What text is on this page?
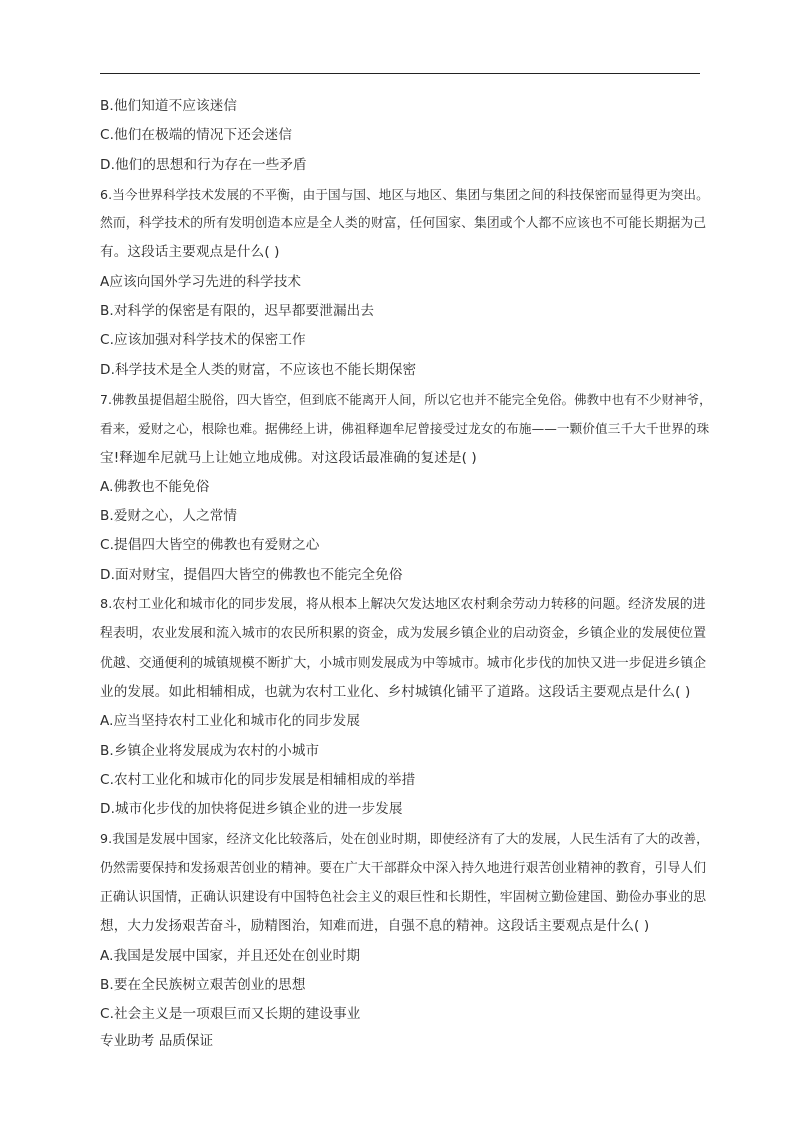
B.他们知道不应该迷信
C.他们在极端的情况下还会迷信
D.他们的思想和行为存在一些矛盾
6.当今世界科学技术发展的不平衡，由于国与国、地区与地区、集团与集团之间的科技保密而显得更为突出。
然而，科学技术的所有发明创造本应是全人类的财富，任何国家、集团或个人都不应该也不可能长期据为己
有。这段话主要观点是什么( )
A应该向国外学习先进的科学技术
B.对科学的保密是有限的，迟早都要泄漏出去
C.应该加强对科学技术的保密工作
D.科学技术是全人类的财富，不应该也不能长期保密
7.佛教虽提倡超尘脱俗，四大皆空，但到底不能离开人间，所以它也并不能完全免俗。佛教中也有不少财神爷，
看来，爱财之心，根除也难。据佛经上讲，佛祖释迦牟尼曾接受过龙女的布施——一颗价值三千大千世界的珠
宝!释迦牟尼就马上让她立地成佛。对这段话最准确的复述是( )
A.佛教也不能免俗
B.爱财之心，人之常情
C.提倡四大皆空的佛教也有爱财之心
D.面对财宝，提倡四大皆空的佛教也不能完全免俗
8.农村工业化和城市化的同步发展，将从根本上解决欠发达地区农村剩余劳动力转移的问题。经济发展的进
程表明，农业发展和流入城市的农民所积累的资金，成为发展乡镇企业的启动资金，乡镇企业的发展使位置
优越、交通便利的城镇规模不断扩大，小城市则发展成为中等城市。城市化步伐的加快又进一步促进乡镇企
业的发展。如此相辅相成，也就为农村工业化、乡村城镇化铺平了道路。这段话主要观点是什么( )
A.应当坚持农村工业化和城市化的同步发展
B.乡镇企业将发展成为农村的小城市
C.农村工业化和城市化的同步发展是相辅相成的举措
D.城市化步伐的加快将促进乡镇企业的进一步发展
9.我国是发展中国家，经济文化比较落后，处在创业时期，即使经济有了大的发展，人民生活有了大的改善，
仍然需要保持和发扬艰苦创业的精神。要在广大干部群众中深入持久地进行艰苦创业精神的教育，引导人们
正确认识国情，正确认识建设有中国特色社会主义的艰巨性和长期性，牢固树立勤俭建国、勤俭办事业的思
想，大力发扬艰苦奋斗，励精图治，知难而进，自强不息的精神。这段话主要观点是什么( )
A.我国是发展中国家，并且还处在创业时期
B.要在全民族树立艰苦创业的思想
C.社会主义是一项艰巨而又长期的建设事业
专业助考 品质保证
